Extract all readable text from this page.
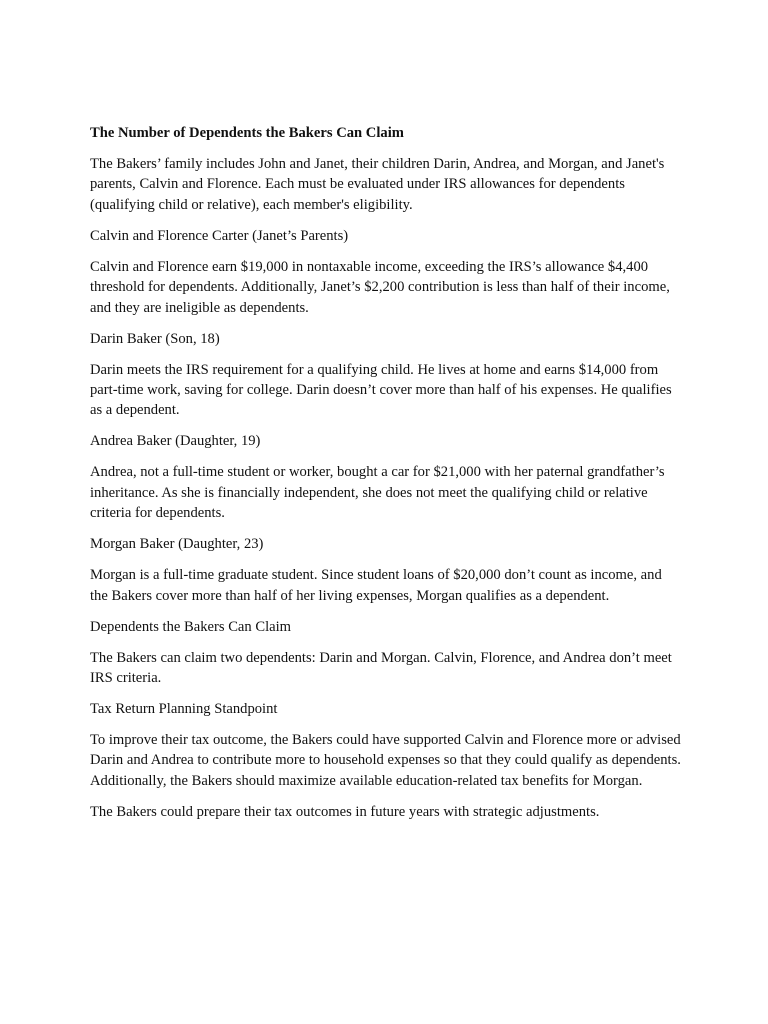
The Number of Dependents the Bakers Can Claim

The Bakers’ family includes John and Janet, their children Darin, Andrea, and Morgan, and Janet's parents, Calvin and Florence. Each must be evaluated under IRS allowances for dependents (qualifying child or relative), each member's eligibility.

Calvin and Florence Carter (Janet’s Parents)

Calvin and Florence earn $19,000 in nontaxable income, exceeding the IRS’s allowance $4,400 threshold for dependents. Additionally, Janet’s $2,200 contribution is less than half of their income, and they are ineligible as dependents.

Darin Baker (Son, 18)

Darin meets the IRS requirement for a qualifying child. He lives at home and earns $14,000 from part-time work, saving for college. Darin doesn’t cover more than half of his expenses. He qualifies as a dependent.

Andrea Baker (Daughter, 19)

Andrea, not a full-time student or worker, bought a car for $21,000 with her paternal grandfather’s inheritance. As she is financially independent, she does not meet the qualifying child or relative criteria for dependents.

Morgan Baker (Daughter, 23)

Morgan is a full-time graduate student. Since student loans of $20,000 don’t count as income, and the Bakers cover more than half of her living expenses, Morgan qualifies as a dependent.

Dependents the Bakers Can Claim

The Bakers can claim two dependents: Darin and Morgan. Calvin, Florence, and Andrea don’t meet IRS criteria.

Tax Return Planning Standpoint

To improve their tax outcome, the Bakers could have supported Calvin and Florence more or advised Darin and Andrea to contribute more to household expenses so that they could qualify as dependents. Additionally, the Bakers should maximize available education-related tax benefits for Morgan.

The Bakers could prepare their tax outcomes in future years with strategic adjustments.
